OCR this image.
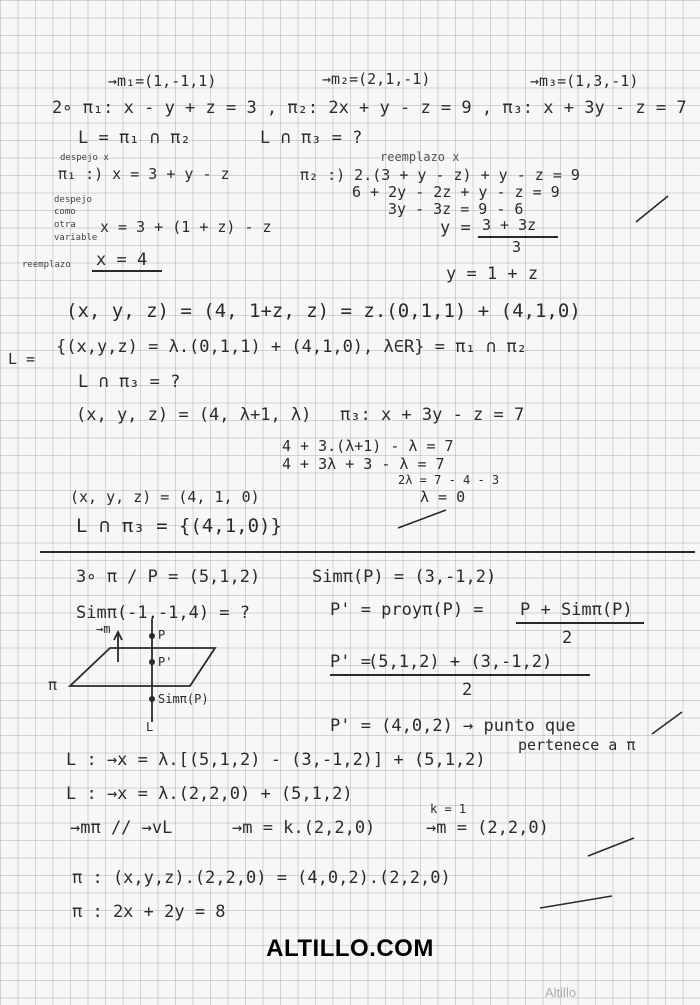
→m₁=(1,-1,1)	→m₂=(2,1,-1)	→m₃=(1,3,-1)
2∘ π₁: x - y + z = 3 , π₂: 2x + y - z = 9 , π₃: x + 3y - z = 7
L = π₁ ∩ π₂	L ∩ π₃ = ?
despejo x
π₁ :) x = 3 + y - z
reemplazo x
π₂ :) 2.(3 + y - z) + y - z = 9
6 + 2y - 2z + y - z = 9
3y - 3z = 9 - 6
y = 3 + 3z
3
despejo
como
otra
variable
x = 3 + (1 + z) - z
reemplazo x = 4
y = 1 + z
(x, y, z) = (4, 1+z, z) = z.(0,1,1) + (4,1,0)
L =
{(x,y,z) = λ.(0,1,1) + (4,1,0), λ∈R} = π₁ ∩ π₂
L ∩ π₃ = ?
(x, y, z) = (4, λ+1, λ) π₃: x + 3y - z = 7
4 + 3.(λ+1) - λ = 7
4 + 3λ + 3 - λ = 7
2λ = 7 - 4 - 3
(x, y, z) = (4, 1, 0)	λ = 0
L ∩ π₃ = {(4,1,0)}
3∘ π / P = (5,1,2)	Simπ(P) = (3,-1,2)
Simπ(-1,-1,4) = ?	P' = proyπ(P) = P + Simπ(P)
2
P' =
(5,1,2) + (3,-1,2)
2
P' = (4,0,2) → punto que
pertenece a π
→m	P
P'
Simπ(P)
L
π
L : →x = λ.[(5,1,2) - (3,-1,2)] + (5,1,2)
L : →x = λ.(2,2,0) + (5,1,2)
→mπ // →vL	→m = k.(2,2,0)
k = 1
→m = (2,2,0)
π : (x,y,z).(2,2,0) = (4,0,2).(2,2,0)
π : 2x + 2y = 8
ALTILLO.COM
Altillo
